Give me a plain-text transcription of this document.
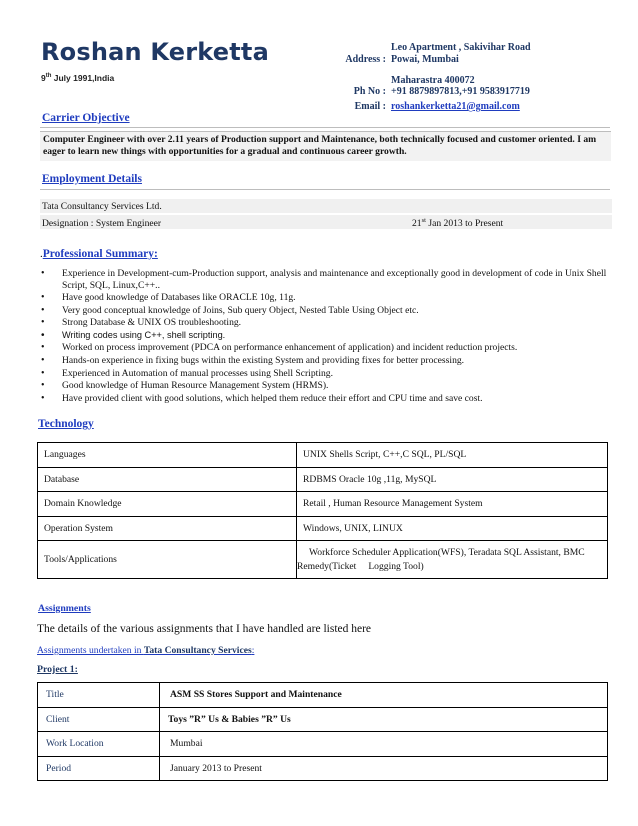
Roshan Kerketta
9th July 1991,India
Leo Apartment , Sakivihar Road
Address : Powai, Mumbai
Maharastra 400072
Ph No : +91 8879897813,+91 9583917719
Email : roshankerketta21@gmail.com
Carrier Objective
Computer Engineer with over 2.11 years of Production support and Maintenance, both technically focused and customer oriented. I am eager to learn new things with opportunities for a gradual and continuous career growth.
Employment Details
Tata Consultancy Services Ltd.
Designation : System Engineer	21st Jan 2013 to Present
.Professional Summary:
• Experience in Development-cum-Production support, analysis and maintenance and exceptionally good in development of code in Unix Shell Script, SQL, Linux,C++..
• Have good knowledge of Databases like ORACLE 10g, 11g.
• Very good conceptual knowledge of Joins, Sub query Object, Nested Table Using Object etc.
• Strong Database & UNIX OS troubleshooting.
• Writing codes using C++, shell scripting.
• Worked on process improvement (PDCA on performance enhancement of application) and incident reduction projects.
• Hands-on experience in fixing bugs within the existing System and providing fixes for better processing.
• Experienced in Automation of manual processes using Shell Scripting.
• Good knowledge of Human Resource Management System (HRMS).
• Have provided client with good solutions, which helped them reduce their effort and CPU time and save cost.
Technology
Languages	UNIX Shells Script, C++,C SQL, PL/SQL
Database	RDBMS Oracle 10g ,11g, MySQL
Domain Knowledge	Retail , Human Resource Management System
Operation System	Windows, UNIX, LINUX
Tools/Applications	Workforce Scheduler Application(WFS), Teradata SQL Assistant, BMC
Remedy(Ticket     Logging Tool)
Assignments
The details of the various assignments that I have handled are listed here
Assignments undertaken in Tata Consultancy Services:
Project 1:
Title	ASM SS Stores Support and Maintenance
Client	Toys ”R” Us & Babies ”R” Us
Work Location	Mumbai
Period	January 2013 to Present
